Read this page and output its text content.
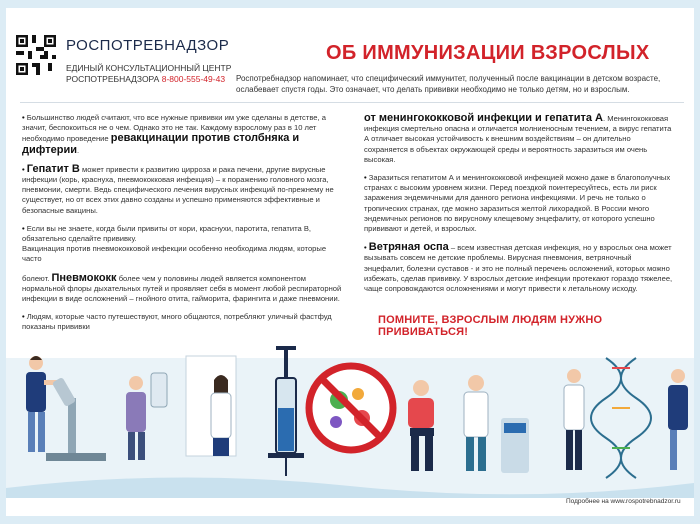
РОСПОТРЕБНАДЗОР
ЕДИНЫЙ КОНСУЛЬТАЦИОННЫЙ ЦЕНТР
РОСПОТРЕБНАДЗОРА 8-800-555-49-43
ОБ ИММУНИЗАЦИИ ВЗРОСЛЫХ
Роспотребнадзор напоминает, что специфический иммунитет, полученный после вакцинации в детском возрасте, ослабевает спустя годы. Это означает, что делать прививки необходимо не только детям, но и взрослым.

• Большинство людей считают, что все нужные прививки им уже сделаны в детстве, а значит, беспокоиться не о чем. Однако это не так. Каждому взрослому раз в 10 лет необходимо проведение ревакцинации против столбняка и дифтерии.

• Гепатит В может привести к развитию цирроза и рака печени, другие вирусные инфекции (корь, краснуха, пневмококковая инфекция) – к поражению головного мозга, пневмонии, смерти. Ведь специфического лечения вирусных инфекций по-прежнему не существует, но от всех этих давно созданы и успешно применяются эффективные и безопасные вакцины.

• Если вы не знаете, когда были привиты от кори, краснухи, паротита, гепатита В, обязательно сделайте прививку.
Вакцинация против пневмококковой инфекции особенно необходима людям, которые часто

болеют. Пневмококк более чем у половины людей является компонентом нормальной флоры дыхательных путей и проявляет себя в момент любой респираторной инфекции в виде осложнений – гнойного отита, гайморита, фарингита и даже пневмонии.

• Людям, которые часто путешествуют, много общаются, потребляют уличный фастфуд показаны прививки

от менингококковой инфекции и гепатита А. Менингококковая инфекция смертельно опасна и отличается молниеносным течением, а вирус гепатита А отличает высокая устойчивость к внешним воздействиям – он длительно сохраняется в объектах окружающей среды и вероятность заразиться им очень высокая.

• Заразиться гепатитом А и менингококковой инфекцией можно даже в благополучных странах с высоким уровнем жизни. Перед поездкой поинтересуйтесь, есть ли риск заражения эндемичными для данного региона инфекциями. И речь не только о тропических странах, где можно заразиться желтой лихорадкой. В России много эндемичных регионов по вирусному клещевому энцефалиту, от которого успешно прививают и детей, и взрослых.

• Ветряная оспа – всем известная детская инфекция, но у взрослых она может вызывать совсем не детские проблемы. Вирусная пневмония, ветряночный энцефалит, болезни суставов - и это не полный перечень осложнений, которых можно избежать, сделав прививку. У взрослых детские инфекции протекают гораздо тяжелее, чаще сопровождаются осложнениями и могут привести к летальному исходу.

ПОМНИТЕ, ВЗРОСЛЫМ ЛЮДЯМ НУЖНО ПРИВИВАТЬСЯ!
Подробнее на www.rospotrebnadzor.ru
